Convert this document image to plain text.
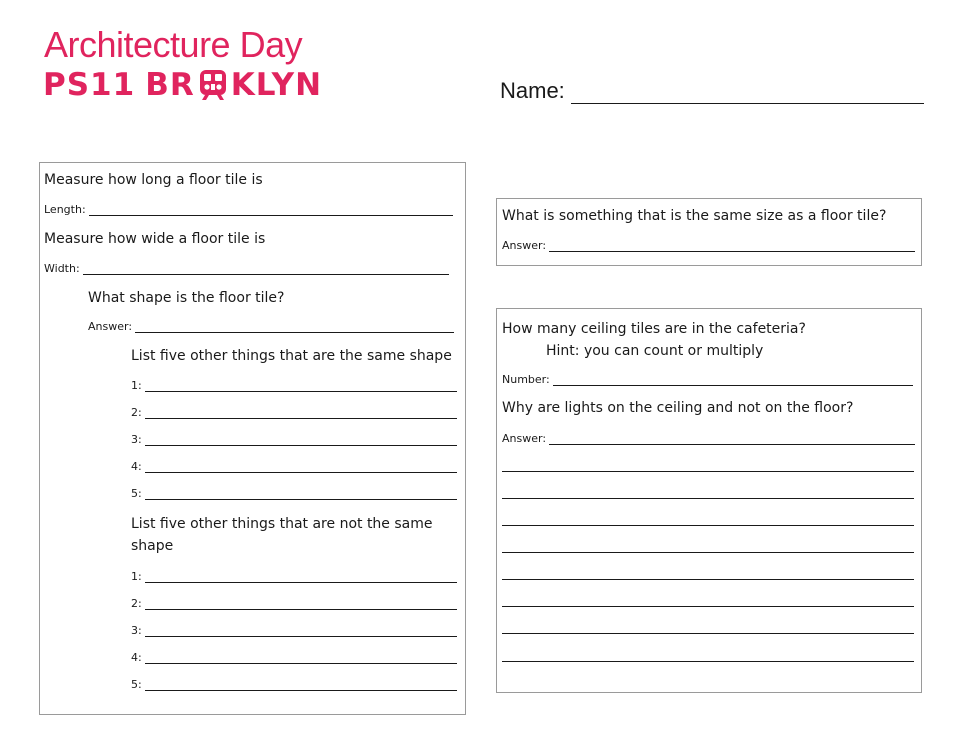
Architecture Day
PS11 BR KLYN	Name:
Measure how long a floor tile is
Length:
Measure how wide a floor tile is
Width:
What shape is the floor tile?
Answer:
List five other things that are the same shape
1:
2:
3:
4:
5:
List five other things that are not the same
shape
1:
2:
3:
4:
5:
What is something that is the same size as a floor tile?
Answer:
How many ceiling tiles are in the cafeteria?
Hint: you can count or multiply
Number:
Why are lights on the ceiling and not on the floor?
Answer:
